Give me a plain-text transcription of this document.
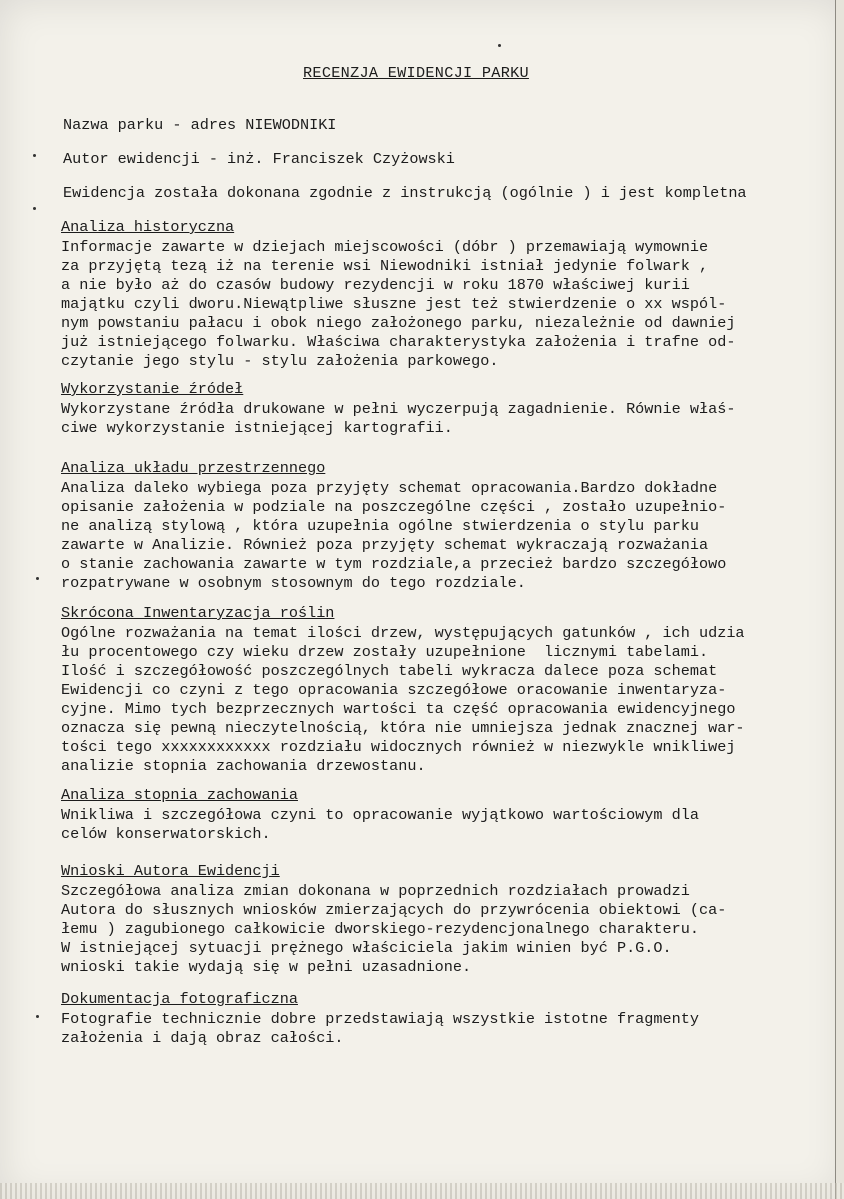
RECENZJA EWIDENCJI PARKU
Nazwa parku - adres NIEWODNIKI
Autor ewidencji - inż. Franciszek Czyżowski
Ewidencja została dokonana zgodnie z instrukcją (ogólnie ) i jest kompletna
Analiza historyczna
Informacje zawarte w dziejach miejscowości (dóbr ) przemawiają wymownie
za przyjętą tezą iż na terenie wsi Niewodniki istniał jedynie folwark ,
a nie było aż do czasów budowy rezydencji w roku 1870 właściwej kurii
majątku czyli dworu.Niewątpliwe słuszne jest też stwierdzenie o xx wspól-
nym powstaniu pałacu i obok niego założonego parku, niezależnie od dawniej
już istniejącego folwarku. Właściwa charakterystyka założenia i trafne od-
czytanie jego stylu - stylu założenia parkowego.
Wykorzystanie źródeł
Wykorzystane źródła drukowane w pełni wyczerpują zagadnienie. Równie właś-
ciwe wykorzystanie istniejącej kartografii.
Analiza układu przestrzennego
Analiza daleko wybiega poza przyjęty schemat opracowania.Bardzo dokładne
opisanie założenia w podziale na poszczególne części , zostało uzupełnio-
ne analizą stylową , która uzupełnia ogólne stwierdzenia o stylu parku
zawarte w Analizie. Również poza przyjęty schemat wykraczają rozważania
o stanie zachowania zawarte w tym rozdziale,a przecież bardzo szczegółowo
rozpatrywane w osobnym stosownym do tego rozdziale.
Skrócona Inwentaryzacja roślin
Ogólne rozważania na temat ilości drzew, występujących gatunków , ich udzia
łu procentowego czy wieku drzew zostały uzupełnione  licznymi tabelami.
Ilość i szczegółowość poszczególnych tabeli wykracza dalece poza schemat
Ewidencji co czyni z tego opracowania szczegółowe oracowanie inwentaryza-
cyjne. Mimo tych bezprzecznych wartości ta część opracowania ewidencyjnego
oznacza się pewną nieczytelnością, która nie umniejsza jednak znacznej war-
tości tego xxxxxxxxxxxx rozdziału widocznych również w niezwykle wnikliwej
analizie stopnia zachowania drzewostanu.
Analiza stopnia zachowania
Wnikliwa i szczegółowa czyni to opracowanie wyjątkowo wartościowym dla
celów konserwatorskich.
Wnioski Autora Ewidencji
Szczegółowa analiza zmian dokonana w poprzednich rozdziałach prowadzi
Autora do słusznych wniosków zmierzających do przywrócenia obiektowi (ca-
łemu ) zagubionego całkowicie dworskiego-rezydencjonalnego charakteru.
W istniejącej sytuacji prężnego właściciela jakim winien być P.G.O.
wnioski takie wydają się w pełni uzasadnione.
Dokumentacja fotograficzna
Fotografie technicznie dobre przedstawiają wszystkie istotne fragmenty
założenia i dają obraz całości.
